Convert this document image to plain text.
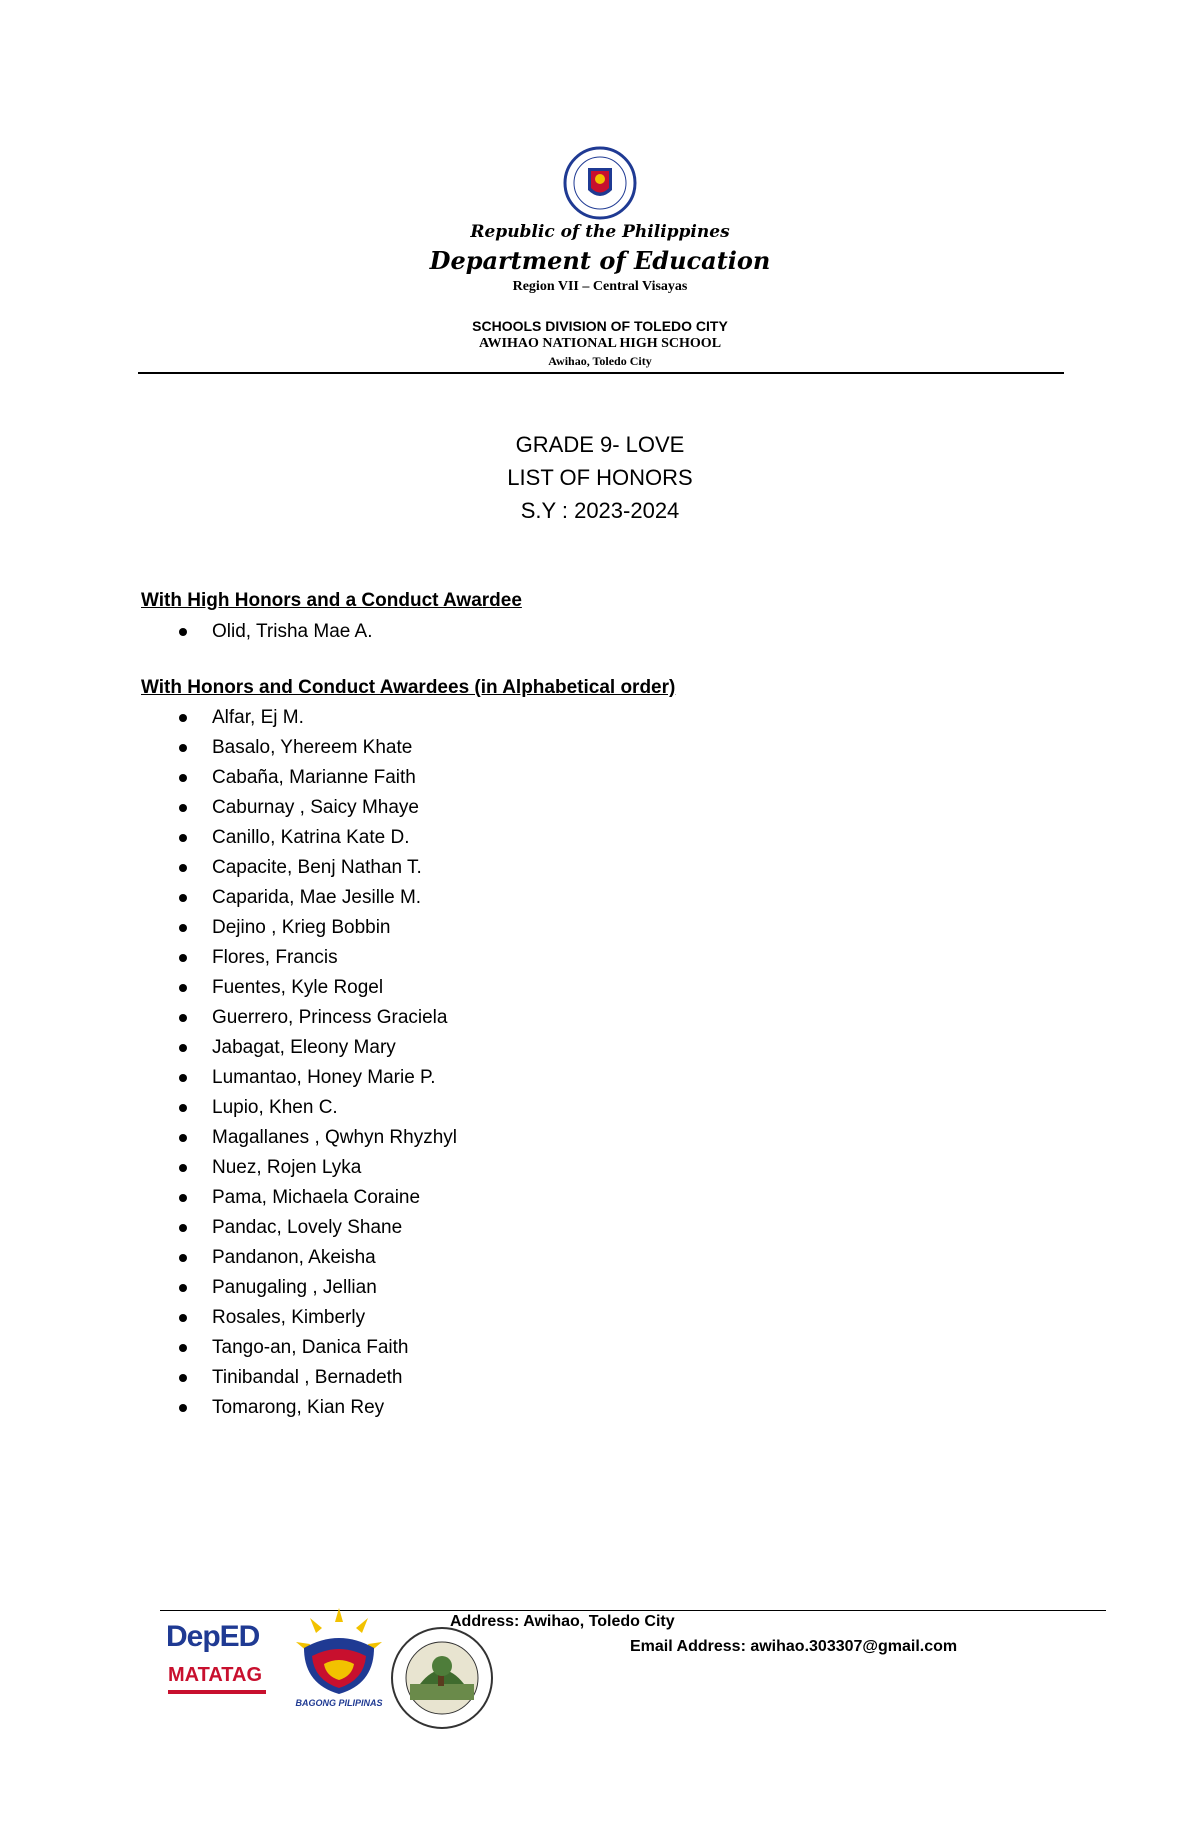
Republic of the Philippines
Department of Education
Region VII – Central Visayas
SCHOOLS DIVISION OF TOLEDO CITY
AWIHAO NATIONAL HIGH SCHOOL
Awihao, Toledo City
GRADE 9- LOVE
LIST OF HONORS
S.Y : 2023-2024
With High Honors and a Conduct Awardee
Olid, Trisha Mae A.
With Honors and Conduct Awardees (in Alphabetical order)
Alfar, Ej M.
Basalo, Yhereem Khate
Cabaña, Marianne Faith
Caburnay , Saicy Mhaye
Canillo, Katrina Kate D.
Capacite, Benj Nathan T.
Caparida, Mae Jesille M.
Dejino , Krieg Bobbin
Flores, Francis
Fuentes, Kyle Rogel
Guerrero, Princess Graciela
Jabagat, Eleony Mary
Lumantao, Honey Marie P.
Lupio, Khen C.
Magallanes , Qwhyn Rhyzhyl
Nuez, Rojen Lyka
Pama, Michaela Coraine
Pandac, Lovely Shane
Pandanon, Akeisha
Panugaling , Jellian
Rosales, Kimberly
Tango-an, Danica Faith
Tinibandal , Bernadeth
Tomarong, Kian Rey
Address: Awihao, Toledo City
Email Address: awihao.303307@gmail.com
DepED
MATATAG
BAGONG PILIPINAS
